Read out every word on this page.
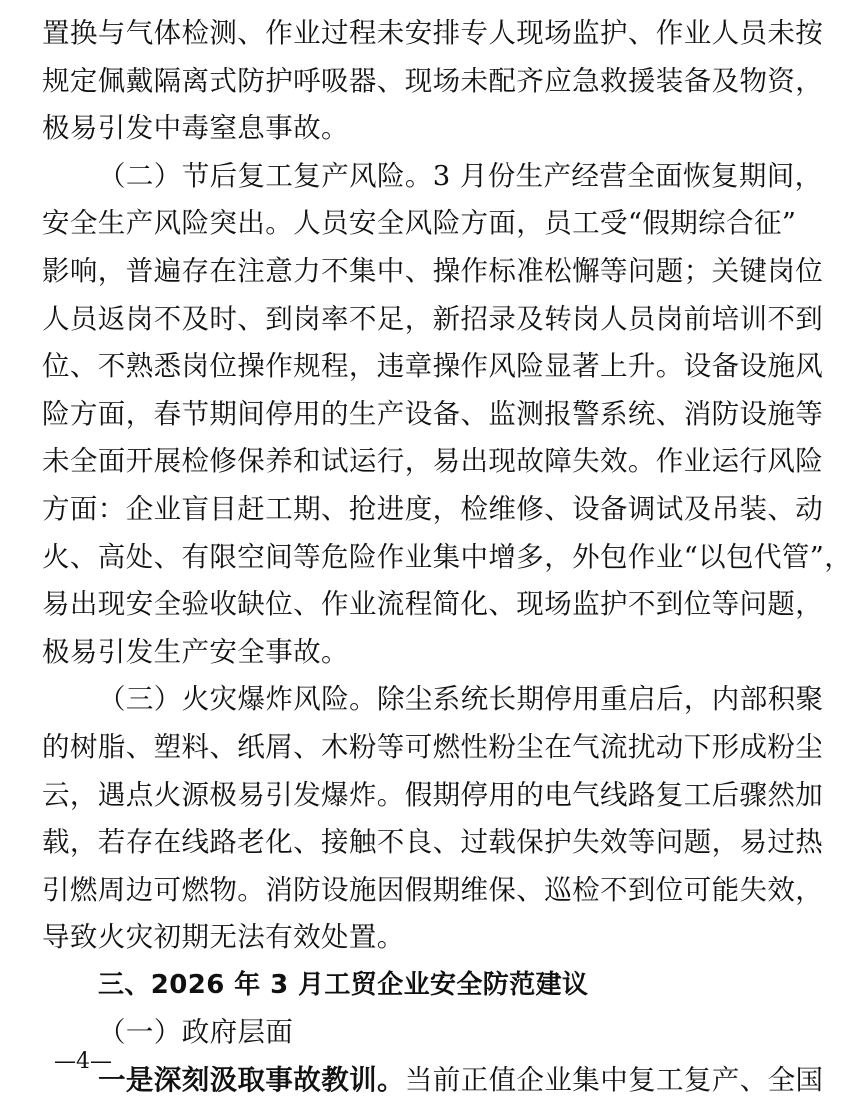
置换与气体检测、作业过程未安排专人现场监护、作业人员未按
规定佩戴隔离式防护呼吸器、现场未配齐应急救援装备及物资，
极易引发中毒窒息事故。
（二）节后复工复产风险。3 月份生产经营全面恢复期间，
安全生产风险突出。人员安全风险方面，员工受“假期综合征”
影响，普遍存在注意力不集中、操作标准松懈等问题；关键岗位
人员返岗不及时、到岗率不足，新招录及转岗人员岗前培训不到
位、不熟悉岗位操作规程，违章操作风险显著上升。设备设施风
险方面，春节期间停用的生产设备、监测报警系统、消防设施等
未全面开展检修保养和试运行，易出现故障失效。作业运行风险
方面：企业盲目赶工期、抢进度，检维修、设备调试及吊装、动
火、高处、有限空间等危险作业集中增多，外包作业“以包代管”，
易出现安全验收缺位、作业流程简化、现场监护不到位等问题，
极易引发生产安全事故。
（三）火灾爆炸风险。除尘系统长期停用重启后，内部积聚
的树脂、塑料、纸屑、木粉等可燃性粉尘在气流扰动下形成粉尘
云，遇点火源极易引发爆炸。假期停用的电气线路复工后骤然加
载，若存在线路老化、接触不良、过载保护失效等问题，易过热
引燃周边可燃物。消防设施因假期维保、巡检不到位可能失效，
导致火灾初期无法有效处置。
三、2026 年 3 月工贸企业安全防范建议
（一）政府层面
一是深刻汲取事故教训。当前正值企业集中复工复产、全国
—4—
